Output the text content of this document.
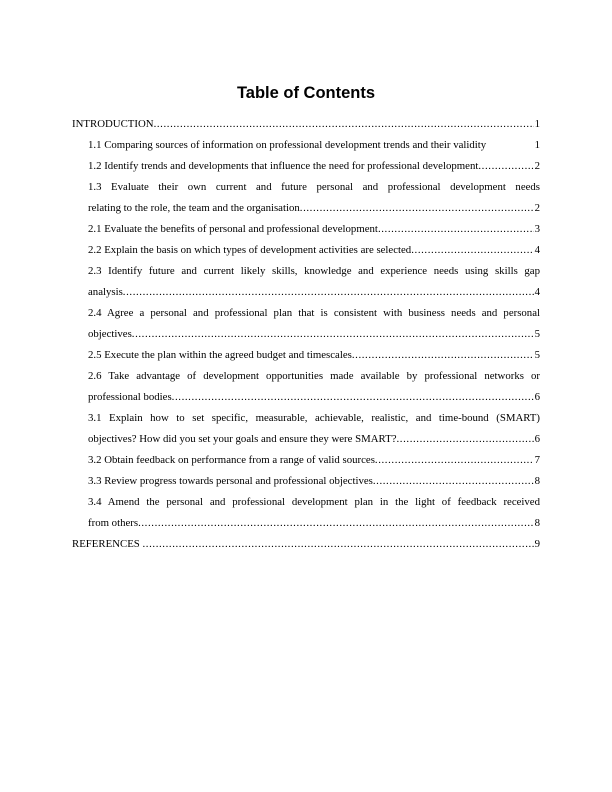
Table of Contents
INTRODUCTION .....	1
1.1 Comparing sources of information on professional development trends and their validity	1
1.2 Identify trends and developments that influence the need for professional development .....	2
1.3 Evaluate their own current and future personal and professional development needs
relating to the role, the team and the organisation .....	2
2.1 Evaluate the benefits of personal and professional development .....	3
2.2 Explain the basis on which types of development activities are selected .....	4
2.3 Identify future and current likely skills, knowledge and experience needs using skills gap
analysis .....	4
2.4 Agree a personal and professional plan that is consistent with business needs and personal
objectives .....	5
2.5 Execute the plan within the agreed budget and timescales .....	5
2.6 Take advantage of development opportunities made available by professional networks or
professional bodies .....	6
3.1 Explain how to set specific, measurable, achievable, realistic, and time-bound (SMART)
objectives? How did you set your goals and ensure they were SMART? .....	6
3.2 Obtain feedback on performance from a range of valid sources .....	7
3.3 Review progress towards personal and professional objectives .....	8
3.4 Amend the personal and professional development plan in the light of feedback received
from others .....	8
REFERENCES .....	9
